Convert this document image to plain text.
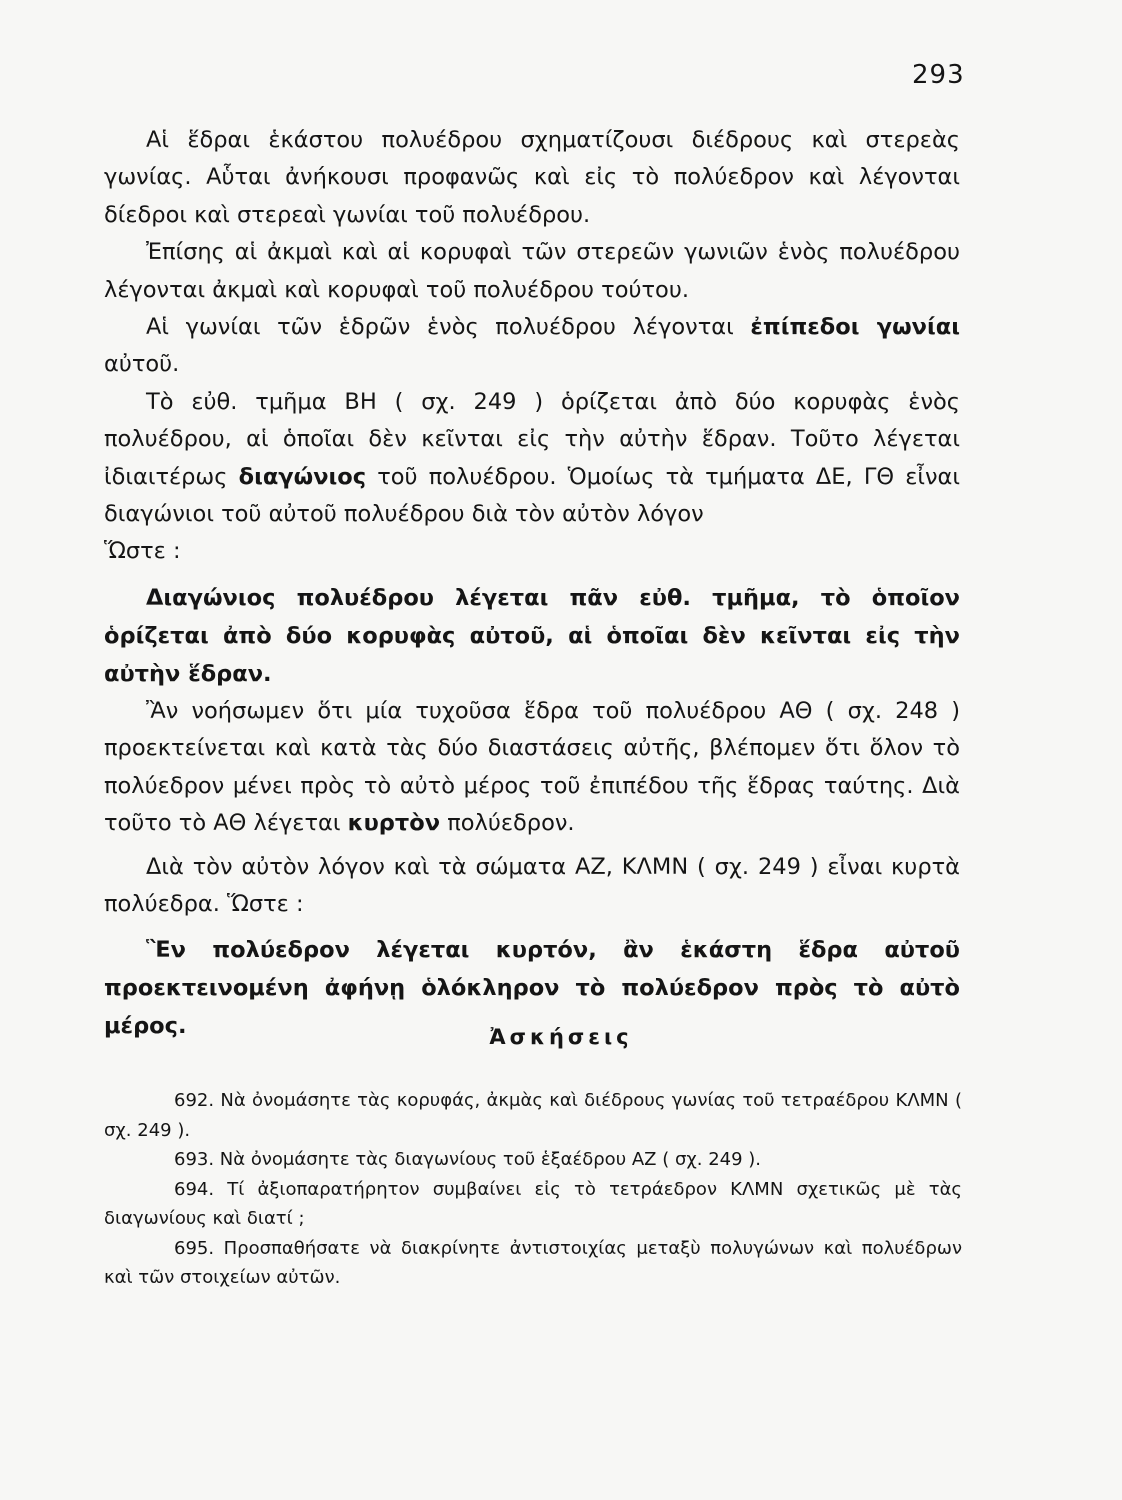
293

Αἱ ἕδραι ἑκάστου πολυέδρου σχηματίζουσι διέδρους καὶ στερεὰς γωνίας. Αὗται ἀνήκουσι προφανῶς καὶ εἰς τὸ πολύεδρον καὶ λέγονται δίεδροι καὶ στερεαὶ γωνίαι τοῦ πολυέδρου.

Ἐπίσης αἱ ἀκμαὶ καὶ αἱ κορυφαὶ τῶν στερεῶν γωνιῶν ἑνὸς πολυέδρου λέγονται ἀκμαὶ καὶ κορυφαὶ τοῦ πολυέδρου τούτου.

Αἱ γωνίαι τῶν ἑδρῶν ἑνὸς πολυέδρου λέγονται ἐπίπεδοι γωνίαι αὐτοῦ.

Τὸ εὐθ. τμῆμα ΒΗ ( σχ. 249 ) ὁρίζεται ἀπὸ δύο κορυφὰς ἑνὸς πολυέδρου, αἱ ὁποῖαι δὲν κεῖνται εἰς τὴν αὐτὴν ἕδραν. Τοῦτο λέγεται ἰδιαιτέρως διαγώνιος τοῦ πολυέδρου. Ὁμοίως τὰ τμήματα ΔΕ, ΓΘ εἶναι διαγώνιοι τοῦ αὐτοῦ πολυέδρου διὰ τὸν αὐτὸν λόγον

Ὥστε :

Διαγώνιος πολυέδρου λέγεται πᾶν εὐθ. τμῆμα, τὸ ὁποῖον ὁρίζεται ἀπὸ δύο κορυφὰς αὐτοῦ, αἱ ὁποῖαι δὲν κεῖνται εἰς τὴν αὐτὴν ἕδραν.

Ἂν νοήσωμεν ὅτι μία τυχοῦσα ἕδρα τοῦ πολυέδρου ΑΘ ( σχ. 248 ) προεκτείνεται καὶ κατὰ τὰς δύο διαστάσεις αὐτῆς, βλέπομεν ὅτι ὅλον τὸ πολύεδρον μένει πρὸς τὸ αὐτὸ μέρος τοῦ ἐπιπέδου τῆς ἕδρας ταύτης. Διὰ τοῦτο τὸ ΑΘ λέγεται κυρτὸν πολύεδρον.

Διὰ τὸν αὐτὸν λόγον καὶ τὰ σώματα ΑΖ, ΚΛΜΝ ( σχ. 249 ) εἶναι κυρτὰ πολύεδρα. Ὥστε :

Ἓν πολύεδρον λέγεται κυρτόν, ἂν ἑκάστη ἕδρα αὐτοῦ προεκτεινομένη ἀφήνῃ ὁλόκληρον τὸ πολύεδρον πρὸς τὸ αὐτὸ μέρος.	Ἀσκήσεις

692. Νὰ ὀνομάσητε τὰς κορυφάς, ἀκμὰς καὶ διέδρους γωνίας τοῦ τετραέδρου ΚΛΜΝ ( σχ. 249 ).

693. Νὰ ὀνομάσητε τὰς διαγωνίους τοῦ ἑξαέδρου ΑΖ ( σχ. 249 ).

694. Τί ἀξιοπαρατήρητον συμβαίνει εἰς τὸ τετράεδρον ΚΛΜΝ σχετικῶς μὲ τὰς διαγωνίους καὶ διατί ;

695. Προσπαθήσατε νὰ διακρίνητε ἀντιστοιχίας μεταξὺ πολυγώνων καὶ πολυέδρων καὶ τῶν στοιχείων αὐτῶν.
